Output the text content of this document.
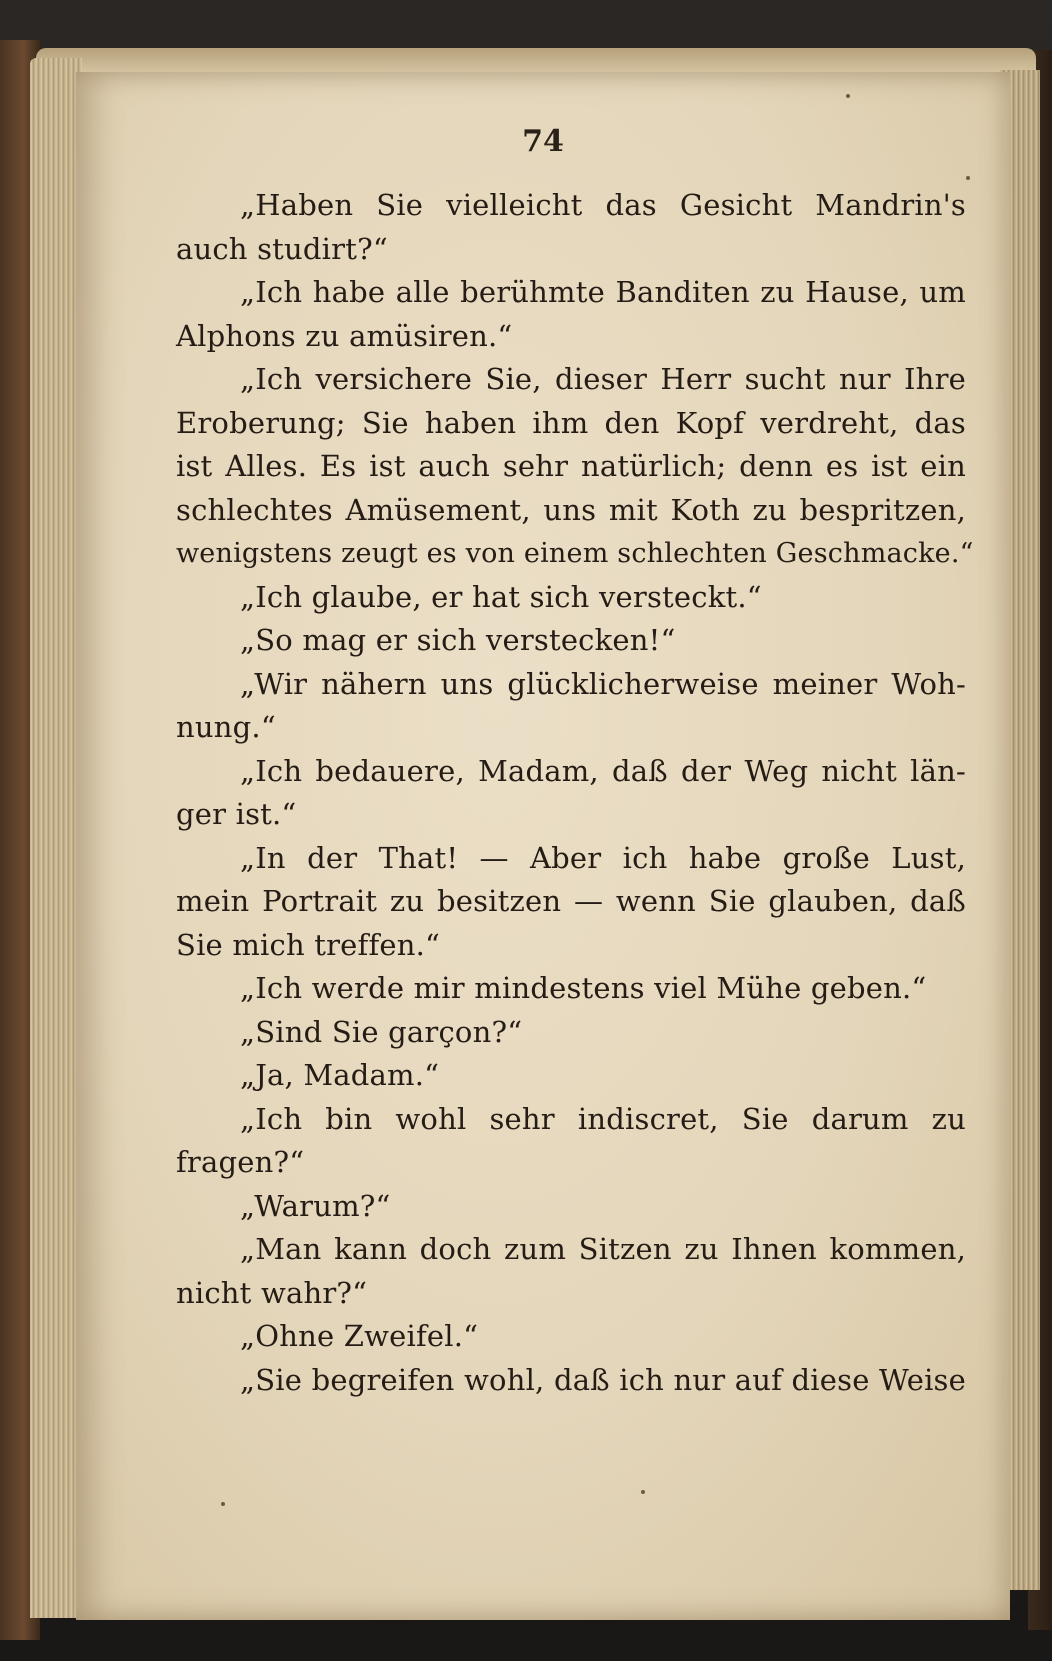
74
„Haben Sie vielleicht das Gesicht Mandrin's
auch studirt?“
„Ich habe alle berühmte Banditen zu Hause, um
Alphons zu amüsiren.“
„Ich versichere Sie, dieser Herr sucht nur Ihre
Eroberung; Sie haben ihm den Kopf verdreht, das
ist Alles. Es ist auch sehr natürlich; denn es ist ein
schlechtes Amüsement, uns mit Koth zu bespritzen,
wenigstens zeugt es von einem schlechten Geschmacke.“
„Ich glaube, er hat sich versteckt.“
„So mag er sich verstecken!“
„Wir nähern uns glücklicherweise meiner Woh-
nung.“
„Ich bedauere, Madam, daß der Weg nicht län-
ger ist.“
„In der That! — Aber ich habe große Lust,
mein Portrait zu besitzen — wenn Sie glauben, daß
Sie mich treffen.“
„Ich werde mir mindestens viel Mühe geben.“
„Sind Sie garçon?“
„Ja, Madam.“
„Ich bin wohl sehr indiscret, Sie darum zu
fragen?“
„Warum?“
„Man kann doch zum Sitzen zu Ihnen kommen,
nicht wahr?“
„Ohne Zweifel.“
„Sie begreifen wohl, daß ich nur auf diese Weise
